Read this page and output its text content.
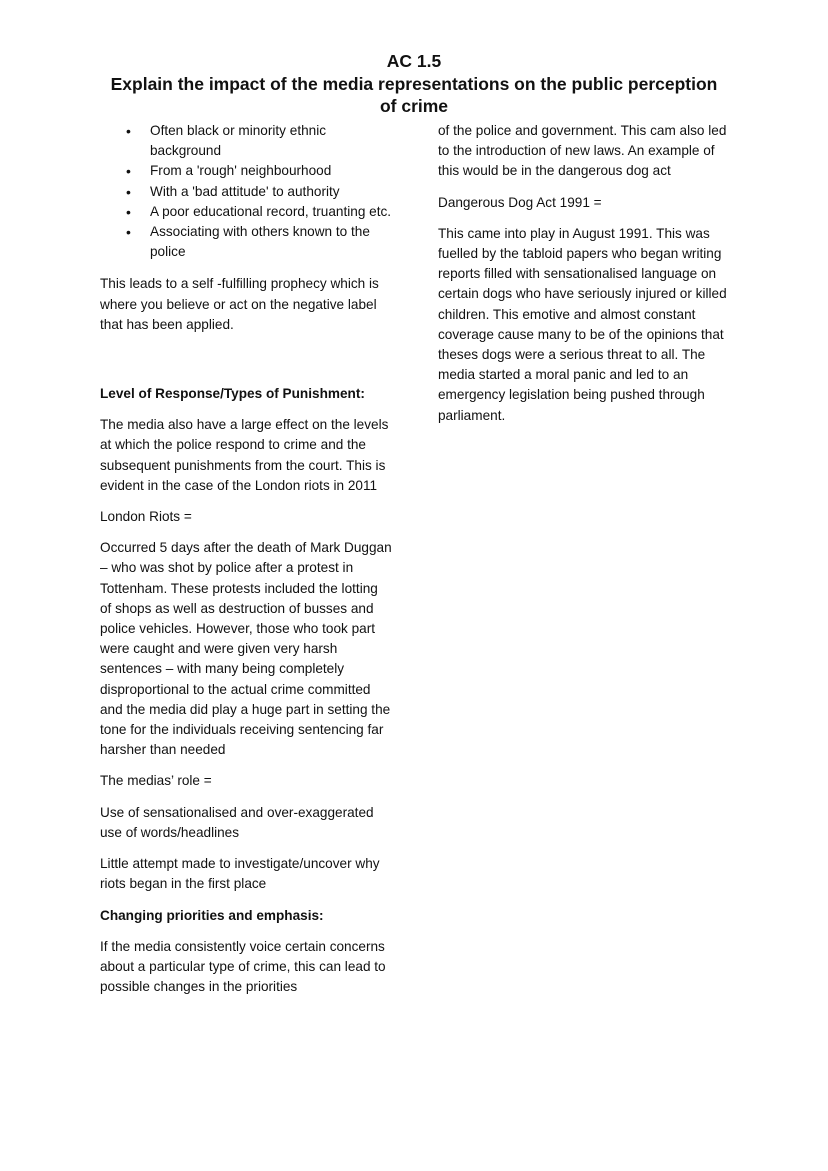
AC 1.5
Explain the impact of the media representations on the public perception of crime
• Often black or minority ethnic background
• From a 'rough' neighbourhood
• With a 'bad attitude' to authority
• A poor educational record, truanting etc.
• Associating with others known to the police

This leads to a self -fulfilling prophecy which is where you believe or act on the negative label that has been applied.

Level of Response/Types of Punishment:

The media also have a large effect on the levels at which the police respond to crime and the subsequent punishments from the court. This is evident in the case of the London riots in 2011

London Riots =

Occurred 5 days after the death of Mark Duggan – who was shot by police after a protest in Tottenham. These protests included the lotting of shops as well as destruction of busses and police vehicles. However, those who took part were caught and were given very harsh sentences – with many being completely disproportional to the actual crime committed and the media did play a huge part in setting the tone for the individuals receiving sentencing far harsher than needed

The medias’ role =

Use of sensationalised and over-exaggerated use of words/headlines

Little attempt made to investigate/uncover why riots began in the first place

Changing priorities and emphasis:

If the media consistently voice certain concerns about a particular type of crime, this can lead to possible changes in the priorities

of the police and government. This cam also led to the introduction of new laws. An example of this would be in the dangerous dog act

Dangerous Dog Act 1991 =

This came into play in August 1991. This was fuelled by the tabloid papers who began writing reports filled with sensationalised language on certain dogs who have seriously injured or killed children. This emotive and almost constant coverage cause many to be of the opinions that theses dogs were a serious threat to all. The media started a moral panic and led to an emergency legislation being pushed through parliament.
